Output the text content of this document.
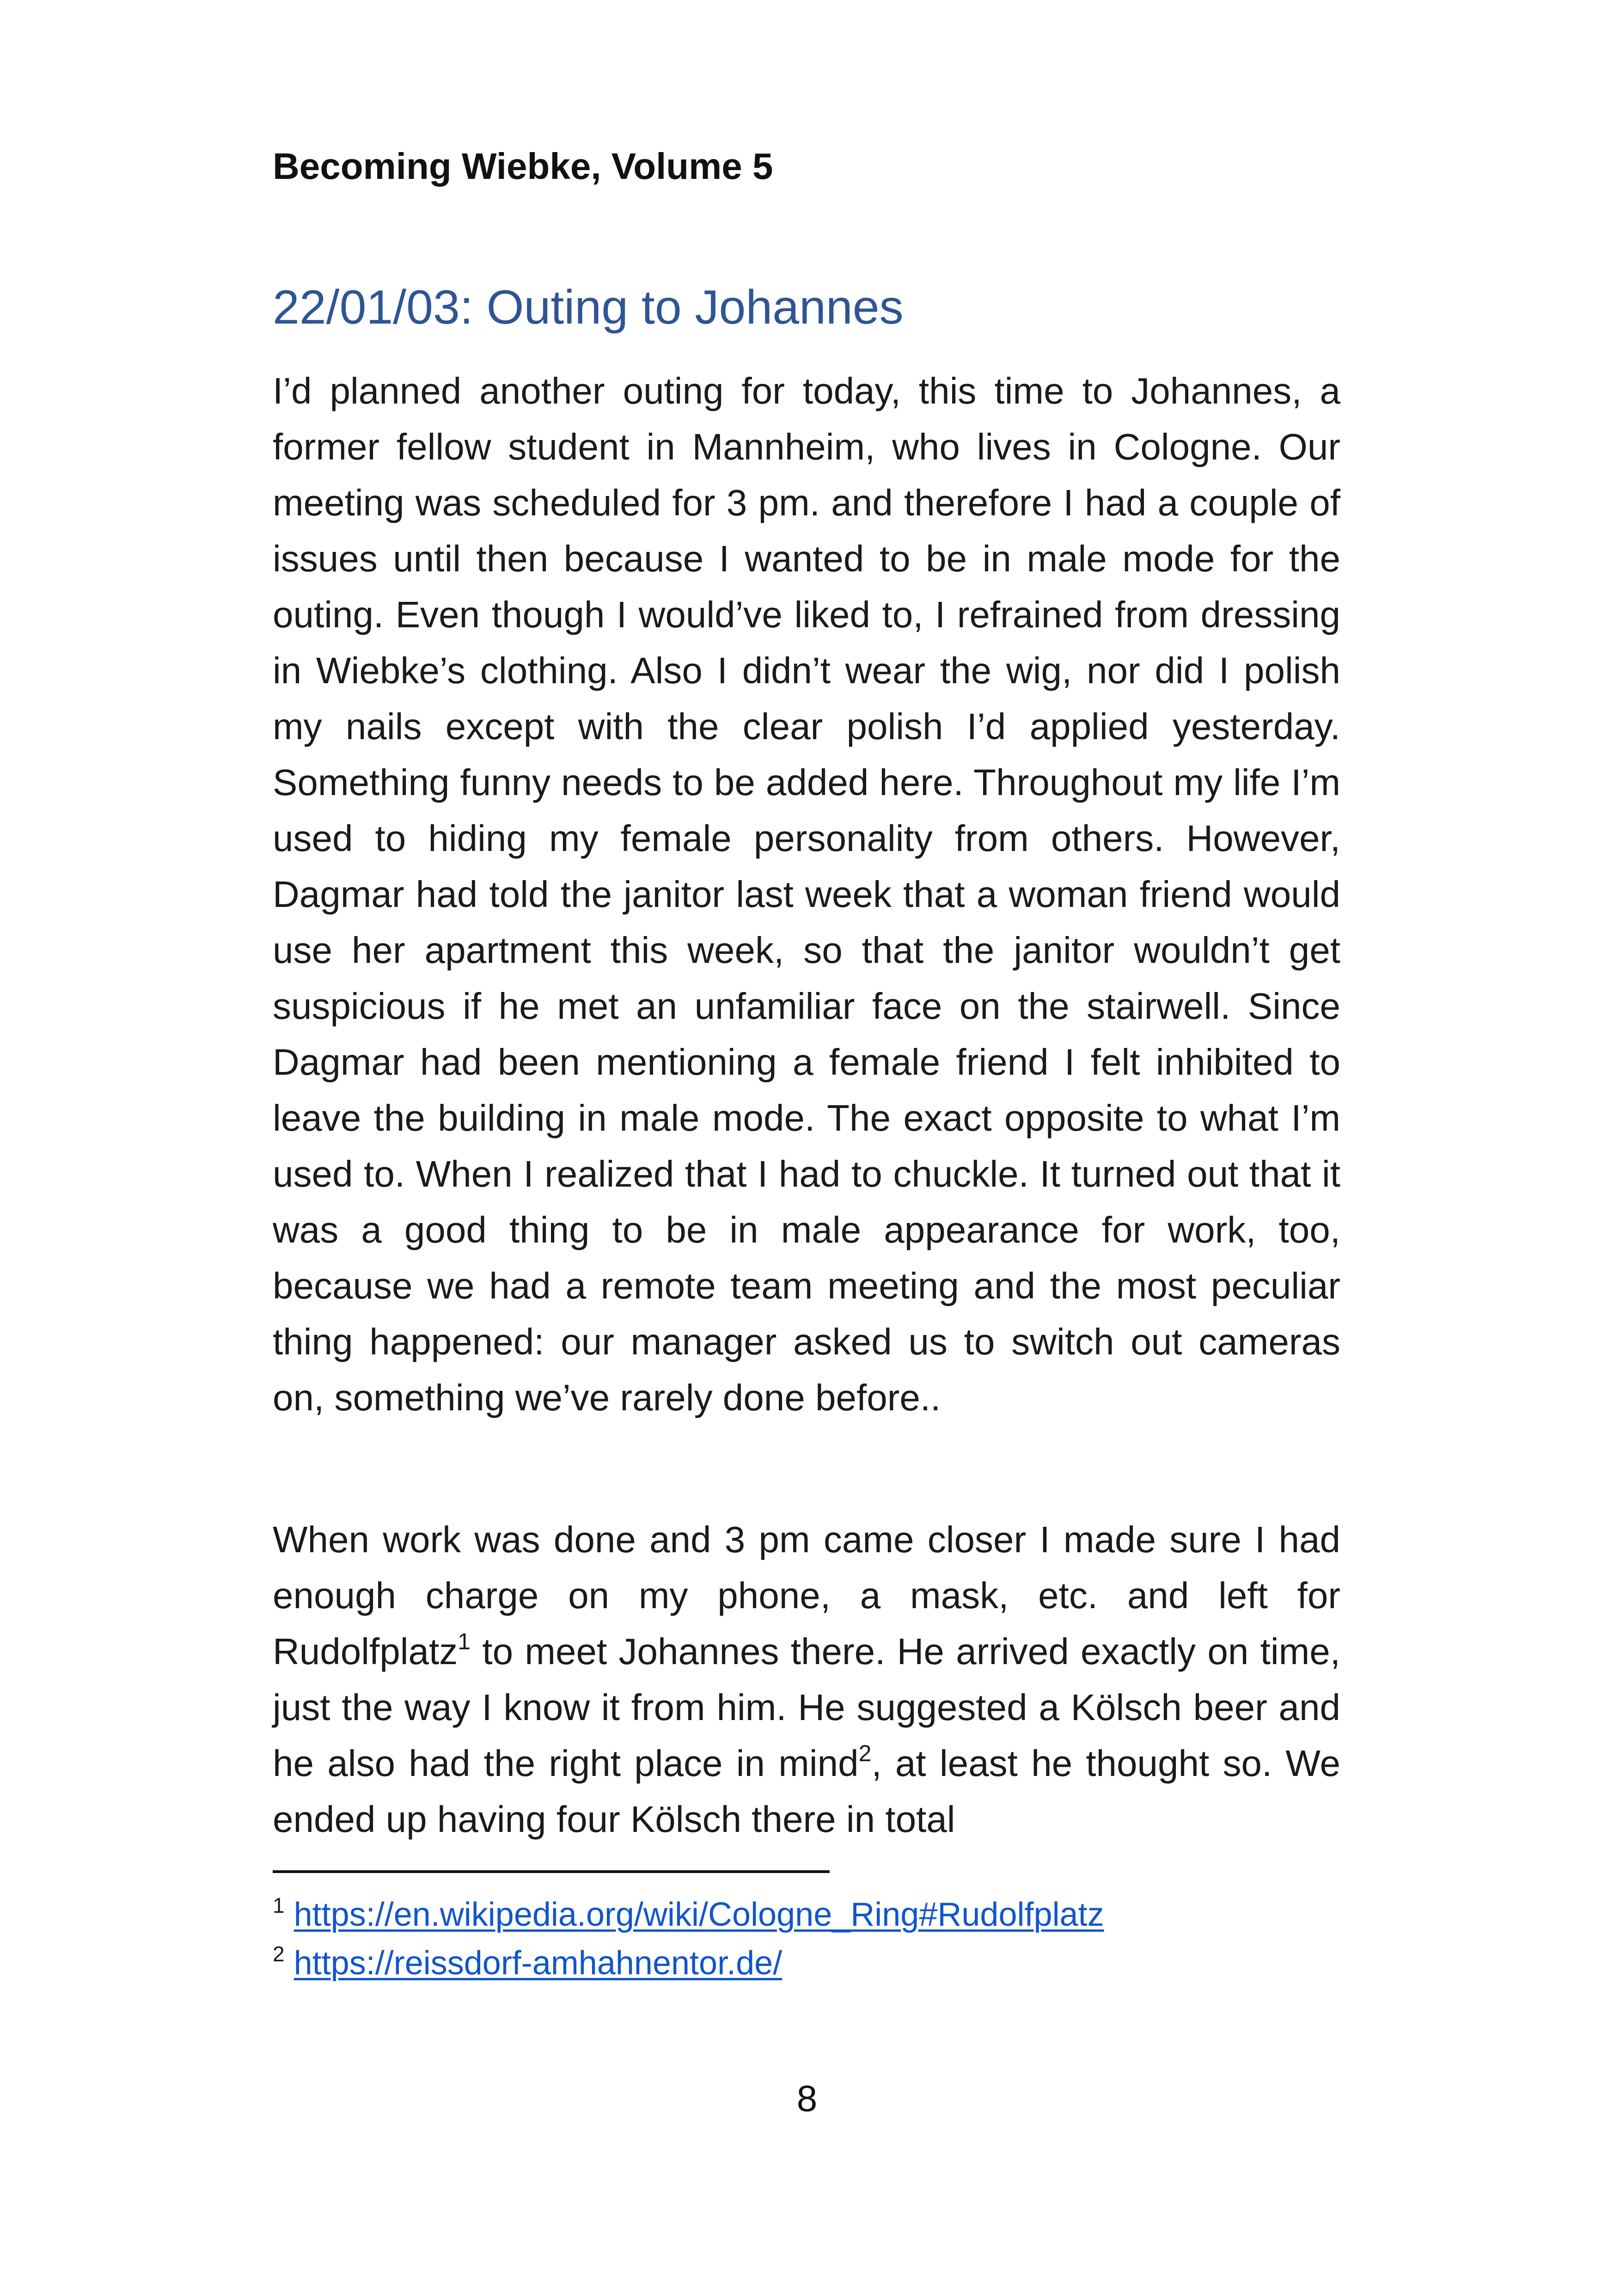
Becoming Wiebke, Volume 5
22/01/03: Outing to Johannes

I’d planned another outing for today, this time to Johannes, a former fellow student in Mannheim, who lives in Cologne. Our meeting was scheduled for 3 pm. and therefore I had a couple of issues until then because I wanted to be in male mode for the outing. Even though I would’ve liked to, I refrained from dressing in Wiebke’s clothing. Also I didn’t wear the wig, nor did I polish my nails except with the clear polish I’d applied yesterday. Something funny needs to be added here. Throughout my life I’m used to hiding my female personality from others. However, Dagmar had told the janitor last week that a woman friend would use her apartment this week, so that the janitor wouldn’t get suspicious if he met an unfamiliar face on the stairwell. Since Dagmar had been mentioning a female friend I felt inhibited to leave the building in male mode. The exact opposite to what I’m used to. When I realized that I had to chuckle. It turned out that it was a good thing to be in male appearance for work, too, because we had a remote team meeting and the most peculiar thing happened: our manager asked us to switch out cameras on, something we’ve rarely done before..

When work was done and 3 pm came closer I made sure I had enough charge on my phone, a mask, etc. and left for Rudolfplatz$^1$ to meet Johannes there. He arrived exactly on time, just the way I know it from him. He suggested a Kölsch beer and he also had the right place in mind$^2$, at least he thought so. We ended up having four Kölsch there in total

$^1$ https://en.wikipedia.org/wiki/Cologne_Ring#Rudolfplatz
$^2$ https://reissdorf-amhahnentor.de/
8
